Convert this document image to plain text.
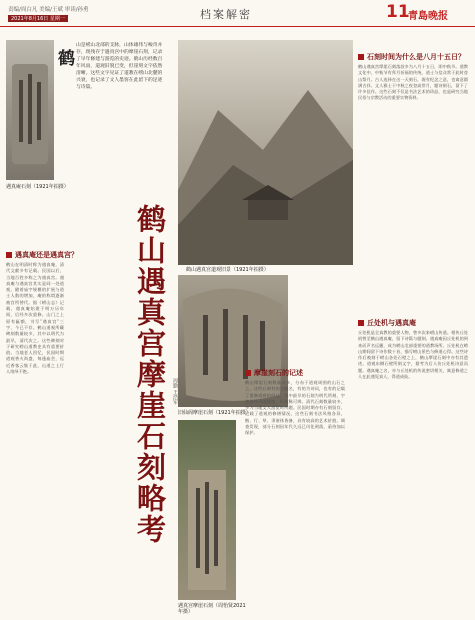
责编/周白凡 美编/王斌 审读/孙勇
2021年8月16日 星期一	档案解密	11
青島晚报
鹤
山是崂山北部的支脉，山体雄伟与峻奇并存，现残存于遇真宫中的摩崖石刻，记录了早年修建与游览的史迹。鹤山历经数百年风雨，道观旧貌已变，但崖刻文字依然清晰。这些文字见证了道教在崂山北麓的兴衰，也记录了文人墨客在此留下的足迹与诗篇。
鹤山遇真宫道观旧景（1921年拍摄）
遇真庵石刻（1921年拍摄）
鹤山遇真宫摩崖石刻略考	周勤 王浩军
旧仙阁摩崖石刻（1921年拍摄）
遇真宫摩崖石刻（周怡贤2021年摄）
遇真庵还是遇真宫？
鹤山在明清时称为遇真庵，清代文献多有记载。民国以后，当地百姓多称之为遇真宫。遇真庵与遇真宫其实是同一处道观，随着庙宇规模的扩展与道士人数的增加，庵的称谓逐渐被宫所替代。据《崂山志》记载，遇真庵始建于明万历年间，后经多次重修。山门之上原有匾额，书写“遇真宫”三字，今已不存。鹤山道观所藏碑刻数量较多，其中以明代为最早，清代次之。这些碑刻对于研究崂山道教史具有重要价值。当地老人回忆，民国时期道观香火尚盛，每逢庙会，远近香客云集于此，山道之上行人络绎不绝。	摩崖刻石的记述
鹤山摩崖石刻数量众多，分布于道观周围的山石之上。这些石刻有的为题名，有的为诗词，也有的记载了重修道观的经过。其中最早的石刻为明代所刻，字迹虽经风雨侵蚀，仍依稀可辨。清代石刻数量较多，多为当地文人游览时所题。民国时期亦有石刻留存，记载了道观的修缮情况。这些石刻书法风格各异，楷、行、草、隶诸体皆备，具有较高的艺术价值。调查发现，部分石刻因年代久远已风化剥落，亟待加以保护。
石刻时间为什么是八月十五日？
鹤山遇真宫摩崖石刻落款多为八月十五日，即中秋节。道教文化中，中秋节有拜月祈福的传统，道士与信众常于此时登山祭月。古人选择在这一天刻石，既有纪念之意，也寓意圆满吉祥。文人雅士于中秋之夜登高赏月，题诗刻石，留下了许多佳作。这些石刻不仅是书法艺术的珍品，也是研究当地民俗与宗教活动的重要实物资料。
丘处机与遇真庵
丘处机是全真教的重要人物，曾多次来崂山传道。相传丘处机曾至鹤山遇真庵，留下诗篇与题刻。遇真庵因丘处机的到来而声名远播，成为崂山北部重要的道教场所。丘处机在崂山期间留下诗作数十首，描写崂山景色与修道心得。这些诗作后被刻于崂山各处石壁之上，鹤山摩崖石刻中亦有其遗迹。道观东侧石壁所刻文字，据考为后人仿丘处机诗意而题。遇真庵之名，亦与丘处机的传说密切相关，寓意修道之人在此遇见真人，得道成仙。
